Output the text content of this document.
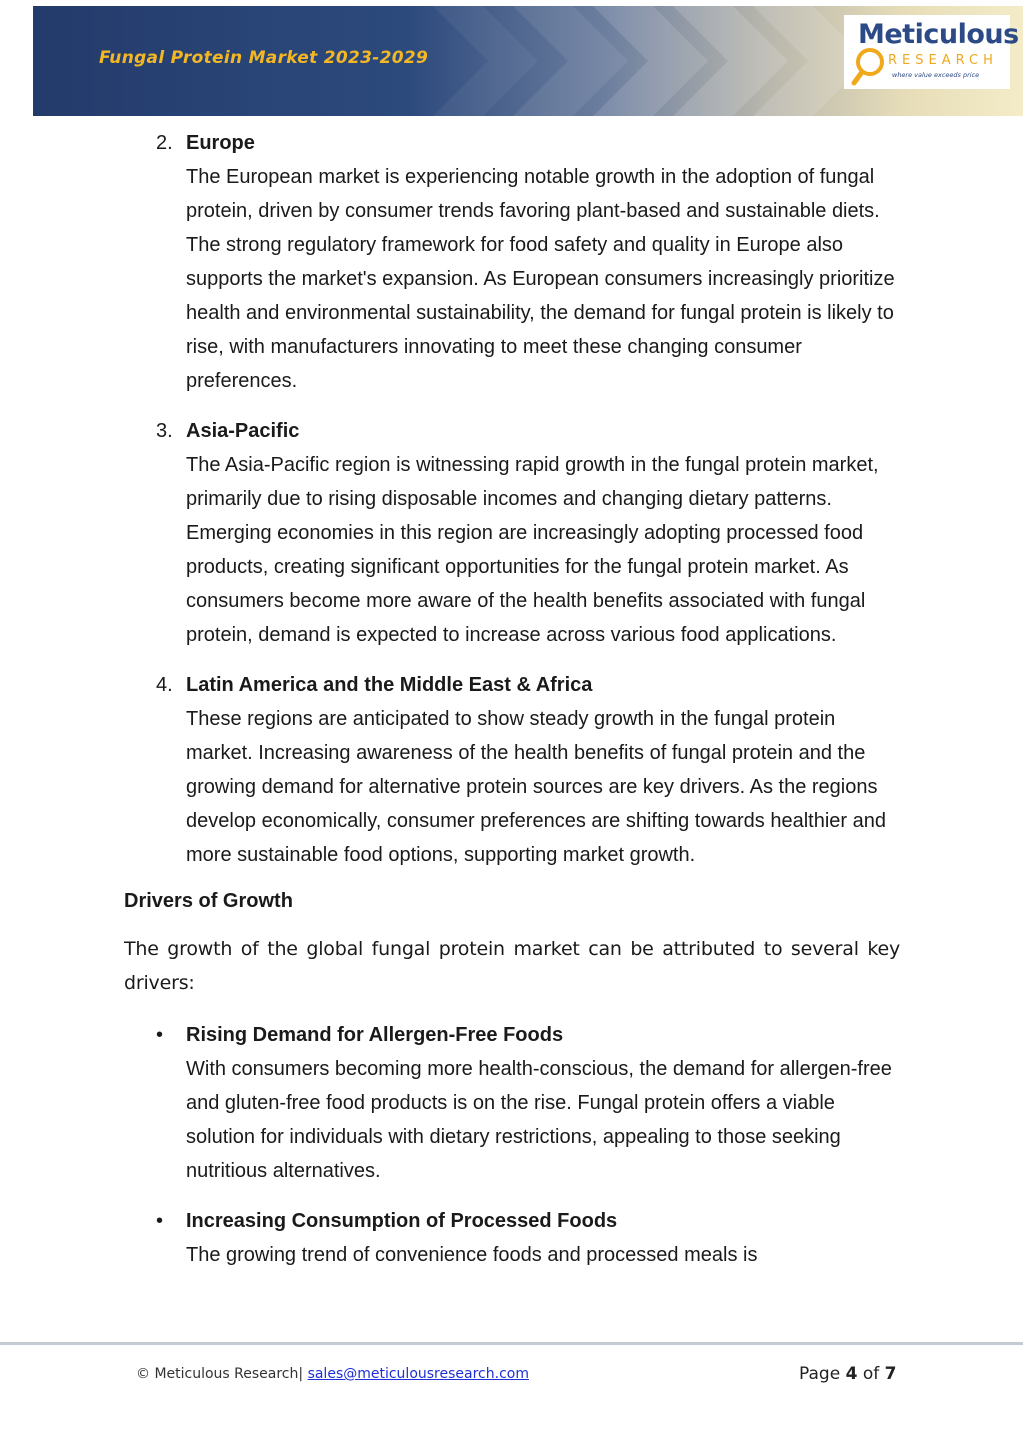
Fungal Protein Market 2023-2029
Meticulous
RESEARCH
where value exceeds price
2. Europe
The European market is experiencing notable growth in the adoption of fungal protein, driven by consumer trends favoring plant-based and sustainable diets. The strong regulatory framework for food safety and quality in Europe also supports the market's expansion. As European consumers increasingly prioritize health and environmental sustainability, the demand for fungal protein is likely to rise, with manufacturers innovating to meet these changing consumer preferences.
3. Asia-Pacific
The Asia-Pacific region is witnessing rapid growth in the fungal protein market, primarily due to rising disposable incomes and changing dietary patterns. Emerging economies in this region are increasingly adopting processed food products, creating significant opportunities for the fungal protein market. As consumers become more aware of the health benefits associated with fungal protein, demand is expected to increase across various food applications.
4. Latin America and the Middle East & Africa
These regions are anticipated to show steady growth in the fungal protein market. Increasing awareness of the health benefits of fungal protein and the growing demand for alternative protein sources are key drivers. As the regions develop economically, consumer preferences are shifting towards healthier and more sustainable food options, supporting market growth.
Drivers of Growth
The growth of the global fungal protein market can be attributed to several key drivers:
• Rising Demand for Allergen-Free Foods
With consumers becoming more health-conscious, the demand for allergen-free and gluten-free food products is on the rise. Fungal protein offers a viable solution for individuals with dietary restrictions, appealing to those seeking nutritious alternatives.
• Increasing Consumption of Processed Foods
The growing trend of convenience foods and processed meals is
© Meticulous Research| sales@meticulousresearch.com	Page 4 of 7
